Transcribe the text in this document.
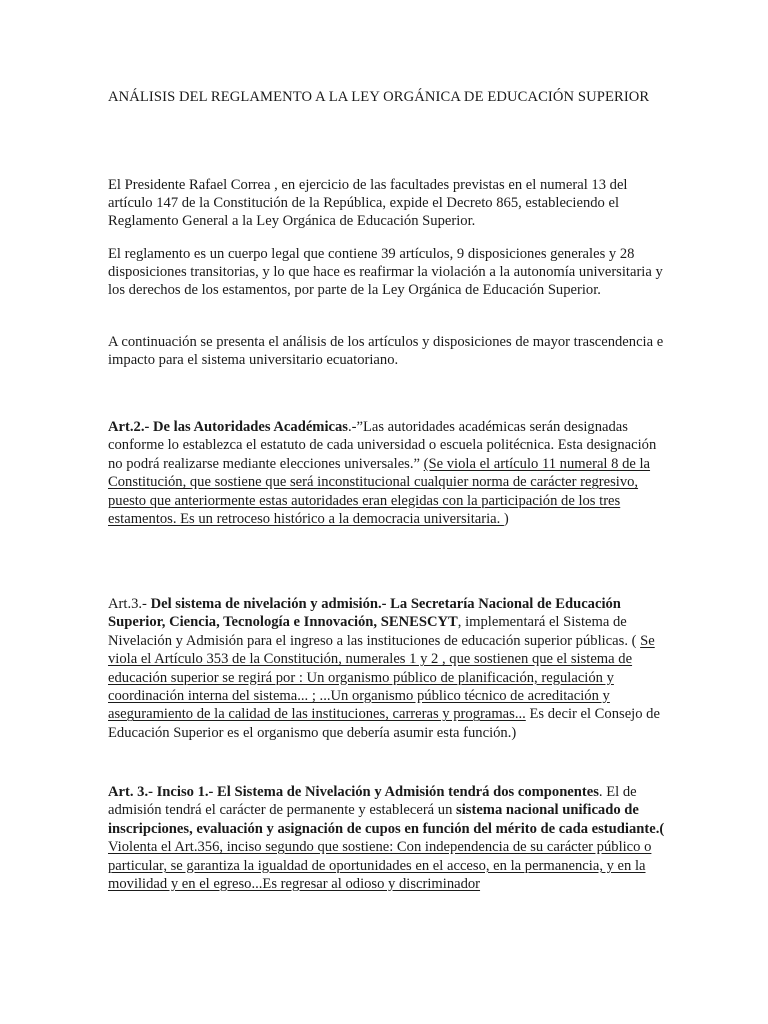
ANÁLISIS DEL REGLAMENTO A LA LEY ORGÁNICA DE EDUCACIÓN SUPERIOR

El Presidente Rafael Correa , en ejercicio de las facultades previstas en el numeral 13 del artículo 147 de la Constitución de la República, expide el Decreto 865, estableciendo el Reglamento General a la Ley Orgánica de Educación Superior.

El reglamento es un cuerpo legal que contiene 39 artículos, 9 disposiciones generales y 28 disposiciones transitorias, y lo que hace es reafirmar la violación a la autonomía universitaria y los derechos de los estamentos, por parte de la Ley Orgánica de Educación Superior.

A continuación se presenta el análisis de los artículos y disposiciones de mayor trascendencia e impacto para el sistema universitario ecuatoriano.

Art.2.- De las Autoridades Académicas.-”Las autoridades académicas serán designadas conforme lo establezca el estatuto de cada universidad o escuela politécnica. Esta designación no podrá realizarse mediante elecciones universales.” (Se viola el artículo 11 numeral 8 de la Constitución, que sostiene que será inconstitucional cualquier norma de carácter regresivo, puesto que anteriormente estas autoridades eran elegidas con la participación de los tres estamentos. Es un retroceso histórico a la democracia universitaria. )

Art.3.- Del sistema de nivelación y admisión.- La Secretaría Nacional de Educación Superior, Ciencia, Tecnología e Innovación, SENESCYT, implementará el Sistema de Nivelación y Admisión para el ingreso a las instituciones de educación superior públicas. ( Se viola el Artículo 353 de la Constitución, numerales 1 y 2 , que sostienen que el sistema de educación superior se regirá por : Un organismo público de planificación, regulación y coordinación interna del sistema... ; ...Un organismo público técnico de acreditación y aseguramiento de la calidad de las instituciones, carreras y programas... Es decir el Consejo de Educación Superior es el organismo que debería asumir esta función.)

Art. 3.- Inciso 1.- El Sistema de Nivelación y Admisión tendrá dos componentes. El de admisión tendrá el carácter de permanente y establecerá un sistema nacional unificado de inscripciones, evaluación y asignación de cupos en función del mérito de cada estudiante.( Violenta el Art.356, inciso segundo que sostiene: Con independencia de su carácter público o particular, se garantiza la igualdad de oportunidades en el acceso, en la permanencia, y en la movilidad y en el egreso...Es regresar al odioso y discriminador
